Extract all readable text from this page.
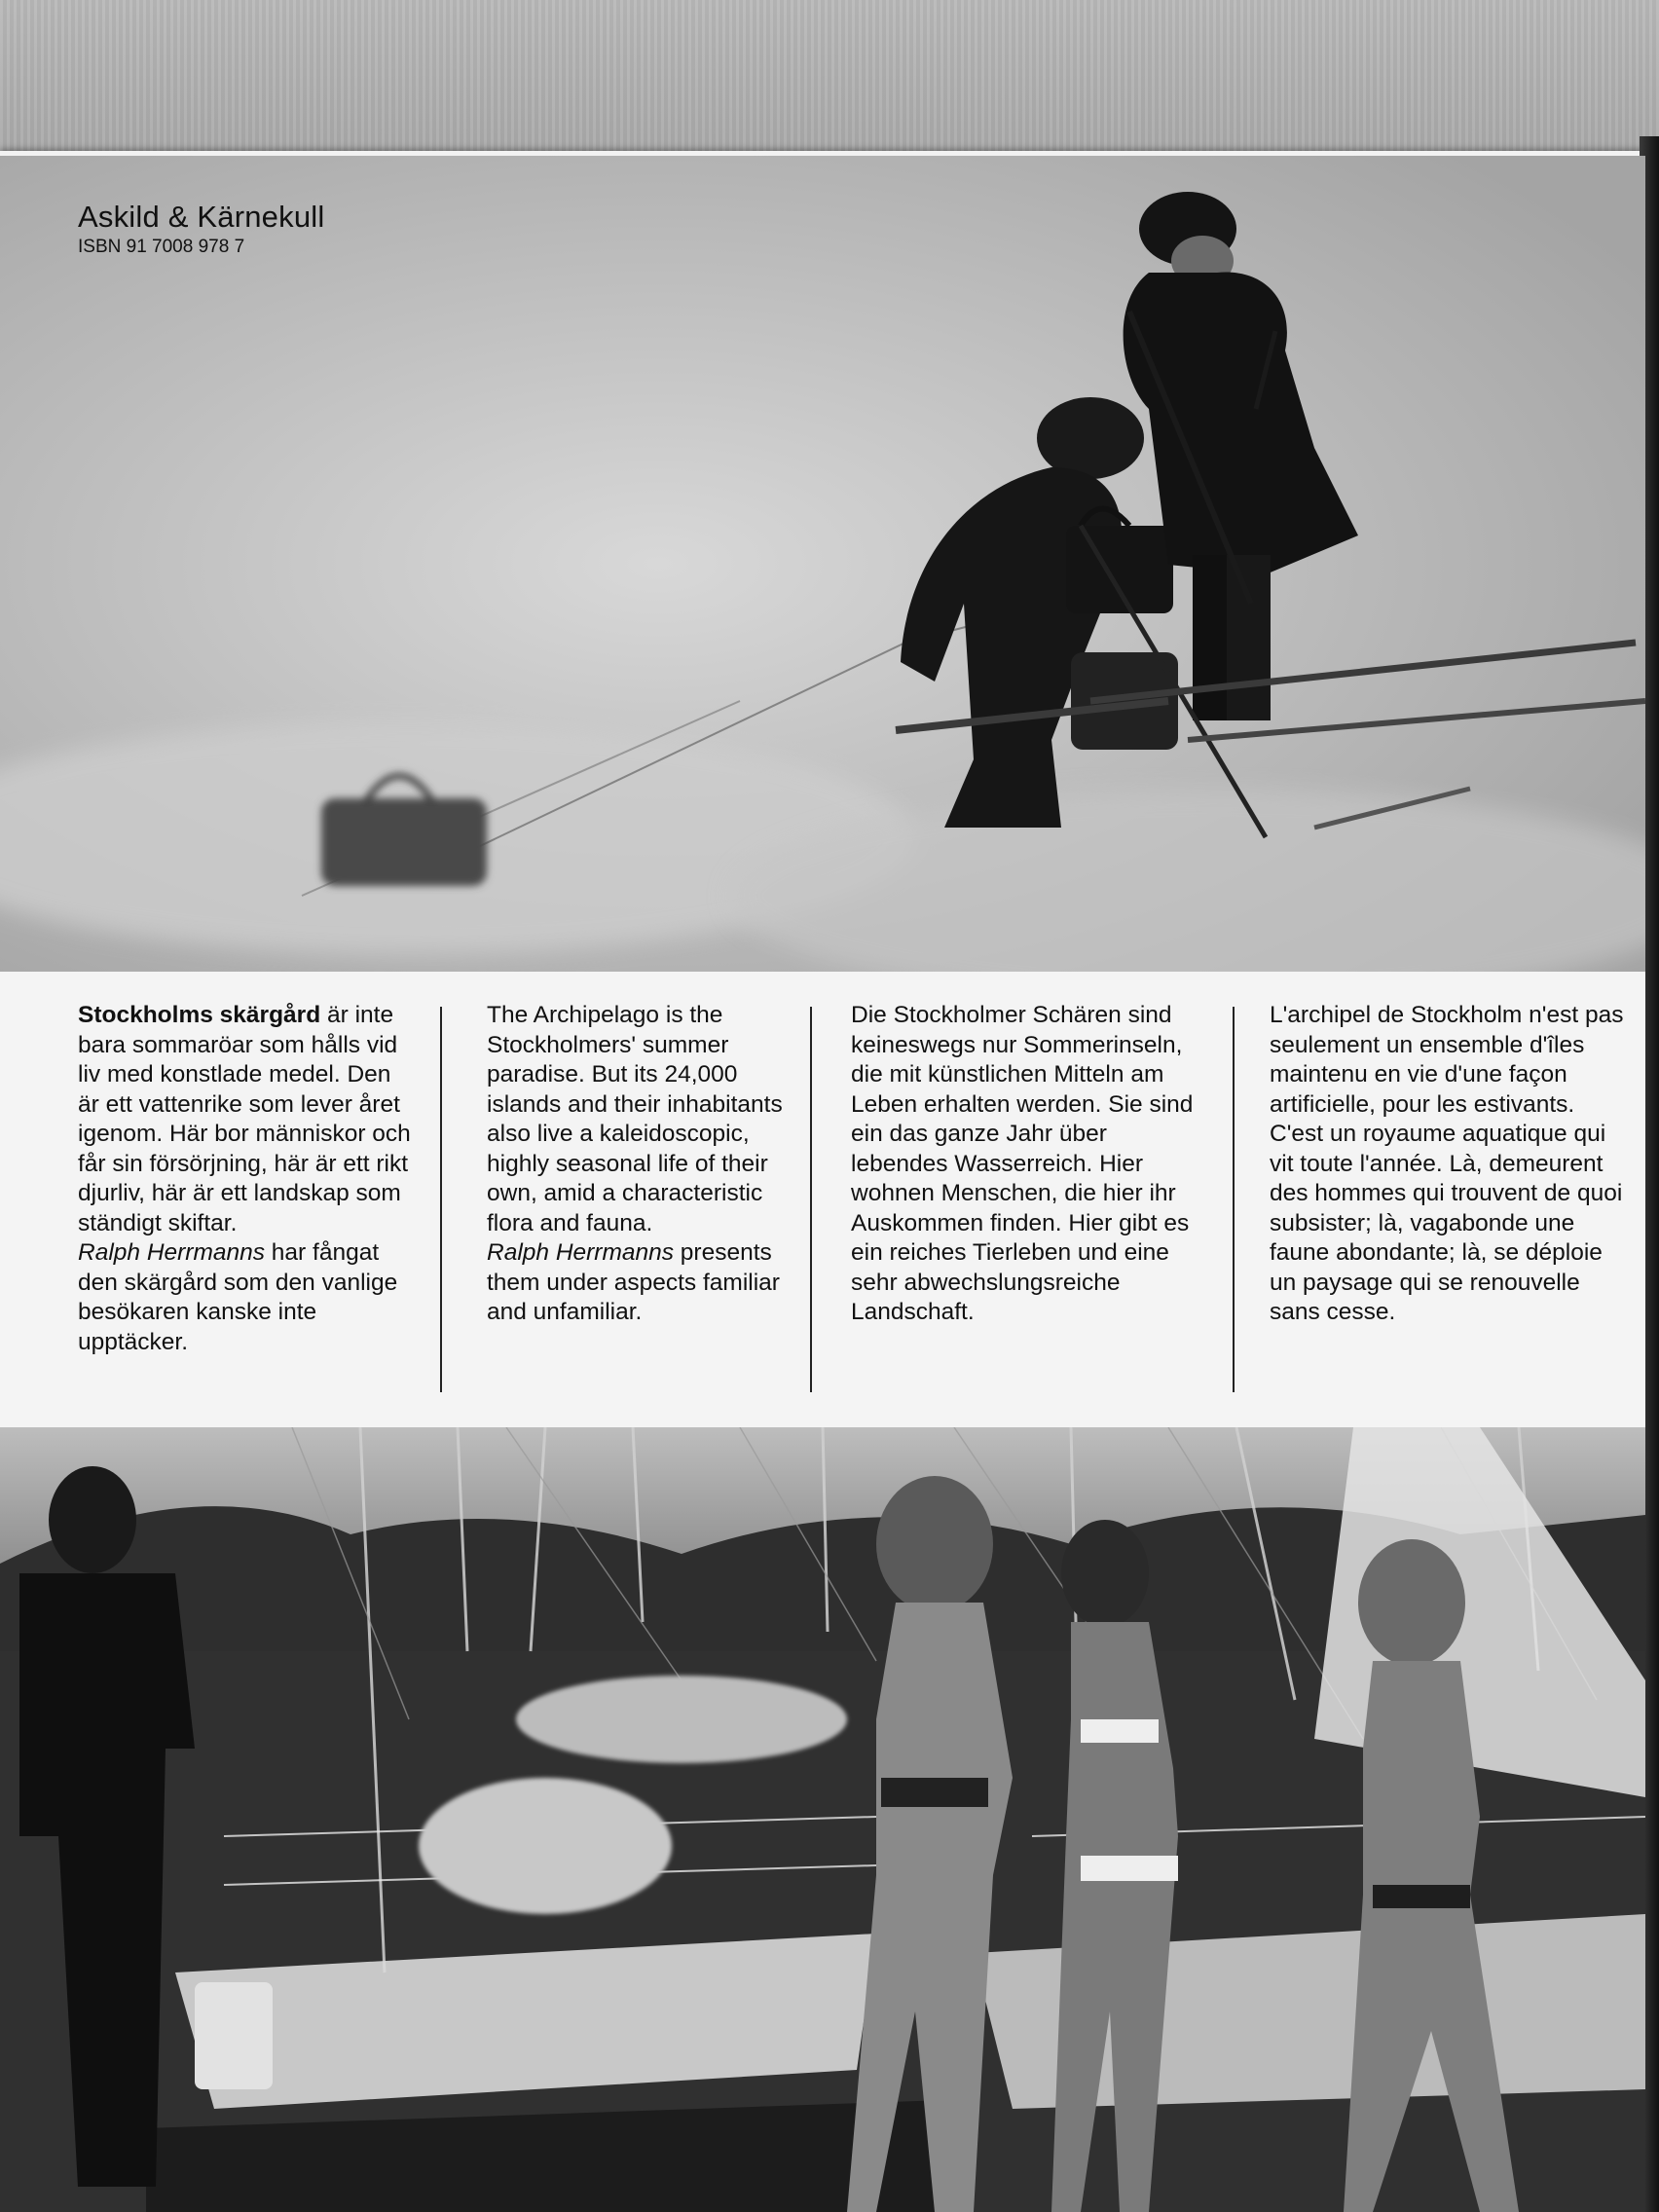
Askild & Kärnekull
ISBN 91 7008 978 7

Stockholms skärgård är inte bara sommaröar som hålls vid liv med konstlade medel. Den är ett vattenrike som lever året igenom. Här bor människor och får sin försörjning, här är ett rikt djurliv, här är ett landskap som ständigt skiftar.

Ralph Herrmanns har fångat den skärgård som den vanlige besökaren kanske inte upptäcker.

The Archipelago is the Stockholmers' summer paradise. But its 24,000 islands and their inhabitants also live a kaleidoscopic, highly seasonal life of their own, amid a characteristic flora and fauna.

Ralph Herrmanns presents them under aspects familiar and unfamiliar.

Die Stockholmer Schären sind keineswegs nur Sommerinseln, die mit künstlichen Mitteln am Leben erhalten werden. Sie sind ein das ganze Jahr über lebendes Wasserreich. Hier wohnen Menschen, die hier ihr Auskommen finden. Hier gibt es ein reiches Tierleben und eine sehr abwechslungsreiche Landschaft.

L'archipel de Stockholm n'est pas seulement un ensemble d'îles maintenu en vie d'une façon artificielle, pour les estivants. C'est un royaume aquatique qui vit toute l'année. Là, demeurent des hommes qui trouvent de quoi subsister; là, vagabonde une faune abondante; là, se déploie un paysage qui se renouvelle sans cesse.
